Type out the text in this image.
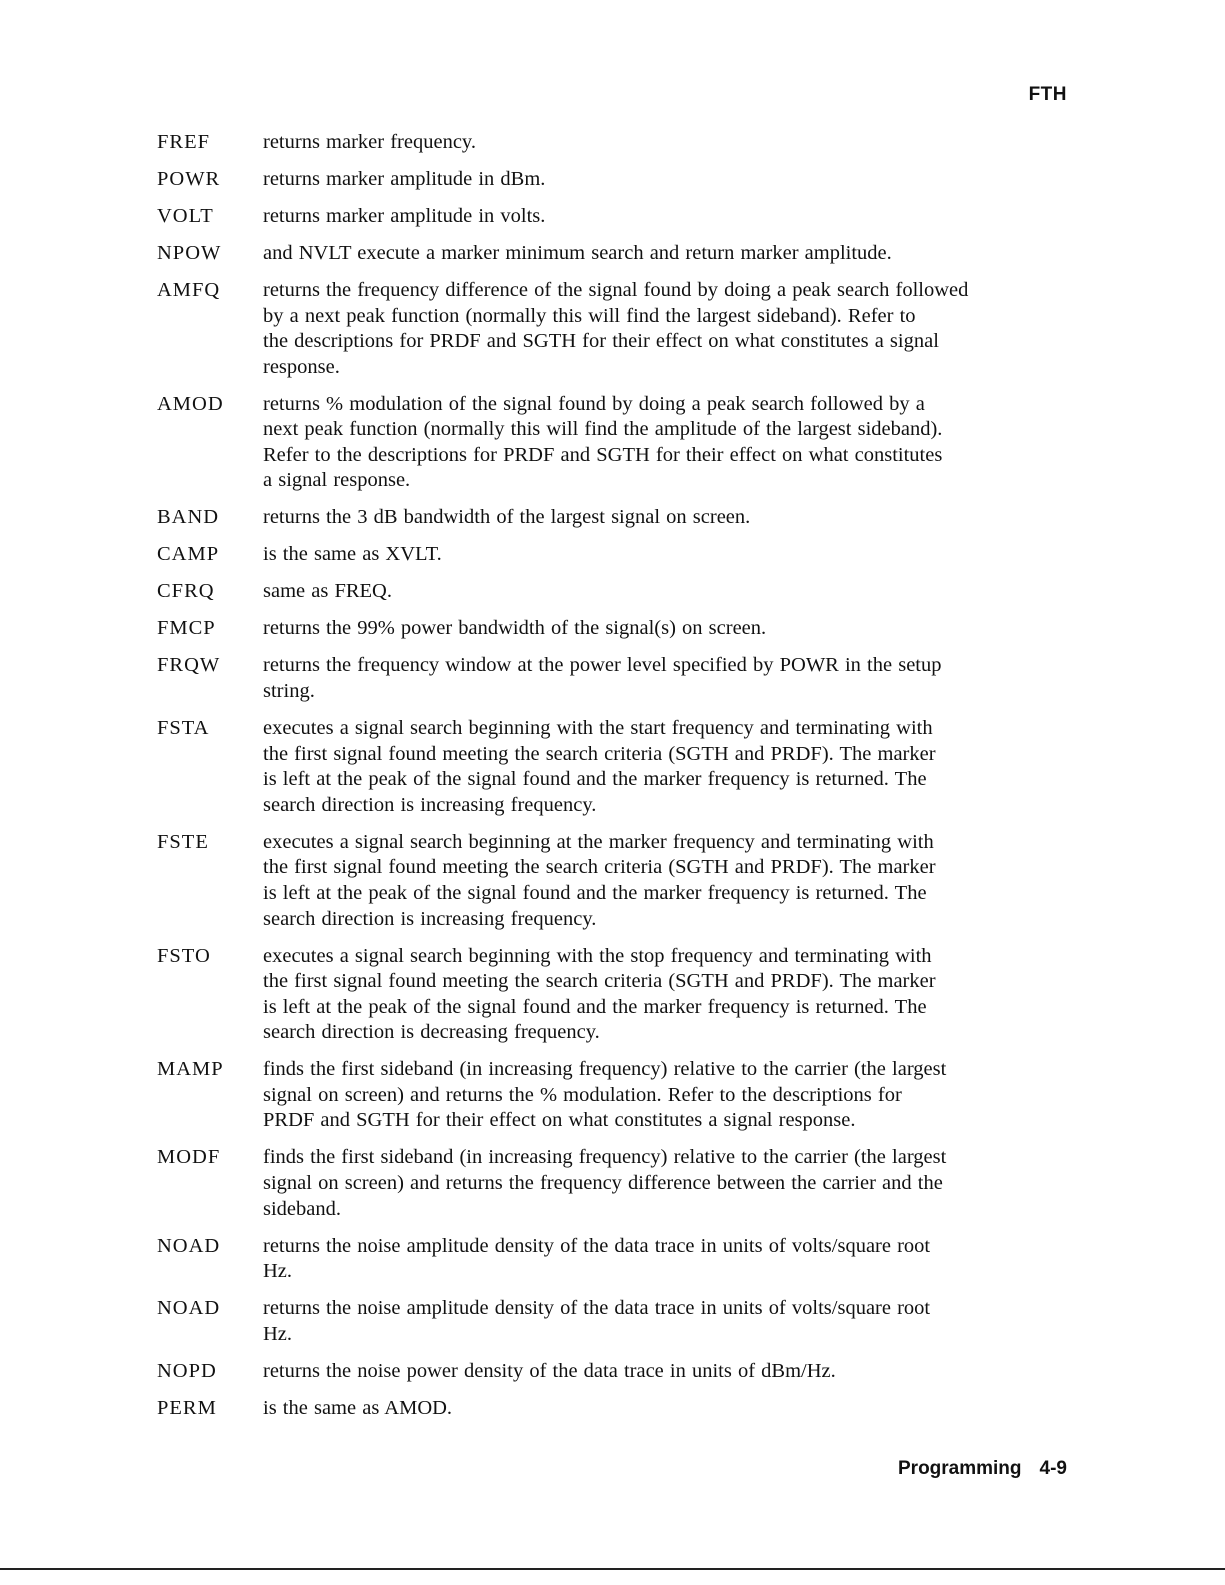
FTH
FREF	returns marker frequency.
POWR	returns marker amplitude in dBm.
VOLT	returns marker amplitude in volts.
NPOW	and NVLT execute a marker minimum search and return marker amplitude.
AMFQ	returns the frequency difference of the signal found by doing a peak search followed
by a next peak function (normally this will find the largest sideband). Refer to
the descriptions for PRDF and SGTH for their effect on what constitutes a signal
response.
AMOD	returns % modulation of the signal found by doing a peak search followed by a
next peak function (normally this will find the amplitude of the largest sideband).
Refer to the descriptions for PRDF and SGTH for their effect on what constitutes
a signal response.
BAND	returns the 3 dB bandwidth of the largest signal on screen.
CAMP	is the same as XVLT.
CFRQ	same as FREQ.
FMCP	returns the 99% power bandwidth of the signal(s) on screen.
FRQW	returns the frequency window at the power level specified by POWR in the setup
string.
FSTA	executes a signal search beginning with the start frequency and terminating with
the first signal found meeting the search criteria (SGTH and PRDF). The marker
is left at the peak of the signal found and the marker frequency is returned. The
search direction is increasing frequency.
FSTE	executes a signal search beginning at the marker frequency and terminating with
the first signal found meeting the search criteria (SGTH and PRDF). The marker
is left at the peak of the signal found and the marker frequency is returned. The
search direction is increasing frequency.
FSTO	executes a signal search beginning with the stop frequency and terminating with
the first signal found meeting the search criteria (SGTH and PRDF). The marker
is left at the peak of the signal found and the marker frequency is returned. The
search direction is decreasing frequency.
MAMP	finds the first sideband (in increasing frequency) relative to the carrier (the largest
signal on screen) and returns the % modulation. Refer to the descriptions for
PRDF and SGTH for their effect on what constitutes a signal response.
MODF	finds the first sideband (in increasing frequency) relative to the carrier (the largest
signal on screen) and returns the frequency difference between the carrier and the
sideband.
NOAD	returns the noise amplitude density of the data trace in units of volts/square root
Hz.
NOAD	returns the noise amplitude density of the data trace in units of volts/square root
Hz.
NOPD	returns the noise power density of the data trace in units of dBm/Hz.
PERM	is the same as AMOD.
Programming 4-9
